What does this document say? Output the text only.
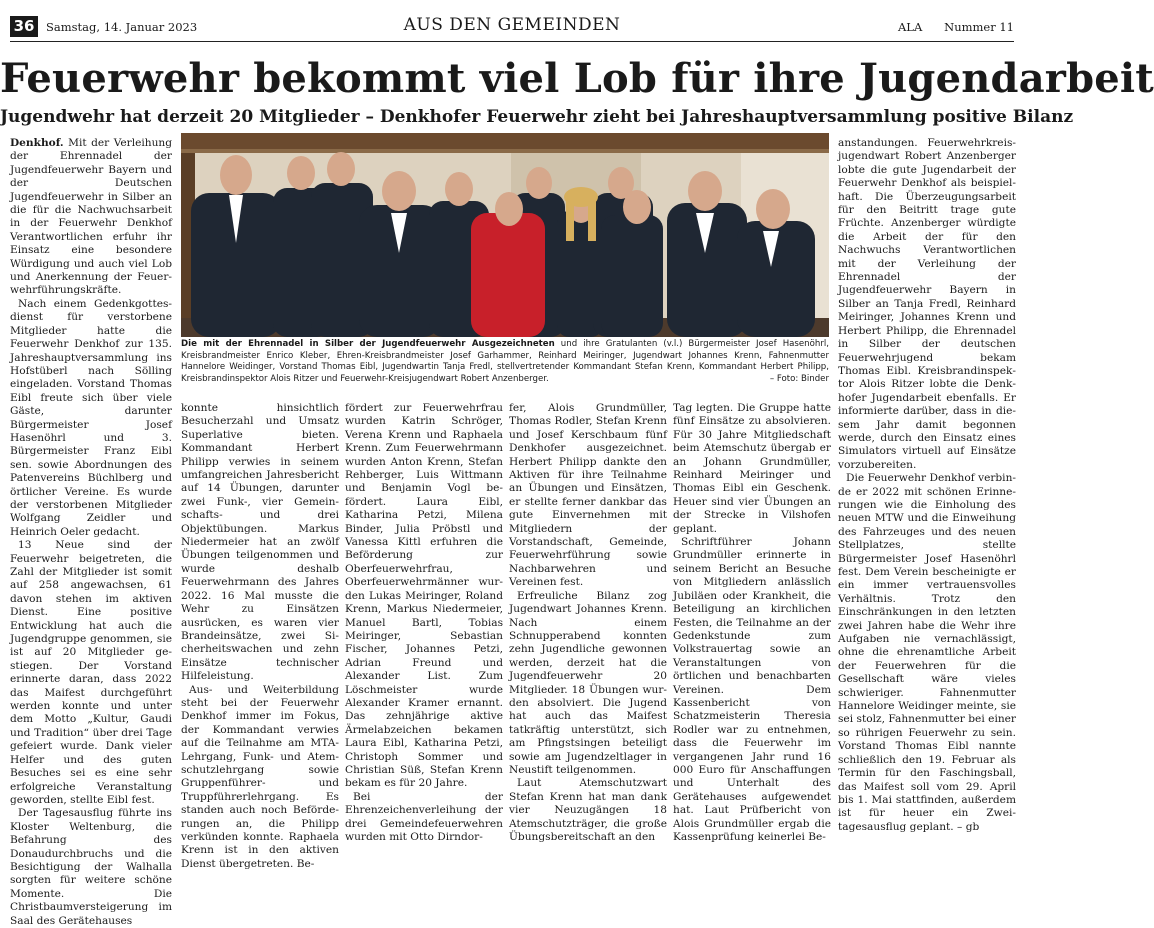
36	Samstag, 14. Januar 2023	AUS DEN GEMEINDEN	ALA Nummer 11
Feuerwehr bekommt viel Lob für ihre Jugendarbeit
Jugendwehr hat derzeit 20 Mitglieder – Denkhofer Feuerwehr zieht bei Jahreshauptversammlung positive Bilanz

Denkhof. Mit der Verleihung der Ehrennadel der Jugendfeuerwehr Bayern und der Deutschen Jugendfeuerwehr in Silber an die für die Nachwuchsarbeit in der Feuerwehr Denkhof Verantwortlichen erfuhr ihr Einsatz eine besondere Würdigung und auch viel Lob und Anerkennung der Feuerwehrführungskräfte.

Nach einem Gedenkgottesdienst für verstorbene Mitglieder hatte die Feuerwehr Denkhof zur 135. Jahreshauptversammlung ins Hofstüberl nach Sölling eingeladen. Vorstand Thomas Eibl freute sich über viele Gäste, darunter Bürgermeister Josef Hasenöhrl und 3. Bürgermeister Franz Eibl sen. sowie Abordnungen des Patenvereins Büchlberg und örtlicher Vereine. Es wurde der verstorbenen Mitglieder Wolfgang Zeidler und Heinrich Oeler gedacht.

13 Neue sind der Feuerwehr beigetreten, die Zahl der Mitglieder ist somit auf 258 angewachsen, 61 davon stehen im aktiven Dienst. Eine positive Entwicklung hat auch die Jugendgruppe genommen, sie ist auf 20 Mitglieder gestiegen. Der Vorstand erinnerte daran, dass 2022 das Maifest durchgeführt werden konnte und unter dem Motto „Kultur, Gaudi und Tradition“ über drei Tage gefeiert wurde. Dank vieler Helfer und des guten Besuches sei es eine sehr erfolgreiche Veranstaltung geworden, stellte Eibl fest.

Der Tagesausflug führte ins Kloster Weltenburg, die Befahrung des Donaudurchbruchs und die Besichtigung der Walhalla sorgten für weitere schöne Momente. Die Christbaumversteigerung im Saal des Gerätehauses

Die mit der Ehrennadel in Silber der Jugendfeuerwehr Ausgezeichneten und ihre Gratulanten (v.l.) Bürgermeister Josef Hasenöhrl, Kreisbrandmeister Enrico Kleber, Ehren-Kreisbrandmeister Josef Garhammer, Reinhard Meiringer, Jugendwart Johannes Krenn, Fahnenmutter Hannelore Weidinger, Vorstand Thomas Eibl, Jugendwartin Tanja Fredl, stellvertretender Kommandant Stefan Krenn, Kommandant Herbert Philipp, Kreisbrandinspektor Alois Ritzer und Feuerwehr-Kreisjugendwart Robert Anzenberger.	– Foto: Binder

konnte hinsichtlich Besucherzahl und Umsatz Superlative bieten. Kommandant Herbert Philipp verwies in seinem umfangreichen Jahresbericht auf 14 Übungen, darunter zwei Funk-, vier Gemeinschafts- und drei Objektübungen. Markus Niedermeier hat an zwölf Übungen teilgenommen und wurde deshalb Feuerwehrmann des Jahres 2022. 16 Mal musste die Wehr zu Einsätzen ausrücken, es waren vier Brandeinsätze, zwei Sicherheitswachen und zehn Einsätze technischer Hilfeleistung.

Aus- und Weiterbildung steht bei der Feuerwehr Denkhof immer im Fokus, der Kommandant verwies auf die Teilnahme am MTA-Lehrgang, Funk- und Atemschutzlehrgang sowie Gruppenführer- und Truppführerlehrgang. Es standen auch noch Beförderungen an, die Philipp verkünden konnte. Raphaela Krenn ist in den aktiven Dienst übergetreten. Be-

fördert zur Feuerwehrfrau wurden Katrin Schröger, Verena Krenn und Raphaela Krenn. Zum Feuerwehrmann wurden Anton Krenn, Stefan Rehberger, Luis Wittmann und Benjamin Vogl befördert. Laura Eibl, Katharina Petzi, Milena Binder, Julia Pröbstl und Vanessa Kittl erfuhren die Beförderung zur Oberfeuerwehrfrau, Oberfeuerwehrmänner wurden Lukas Meiringer, Roland Krenn, Markus Niedermeier, Manuel Bartl, Tobias Meiringer, Sebastian Fischer, Johannes Petzi, Adrian Freund und Alexander List. Zum Löschmeister wurde Alexander Kramer ernannt. Das zehnjährige aktive Ärmelabzeichen bekamen Laura Eibl, Katharina Petzi, Christoph Sommer und Christian Süß, Stefan Krenn bekam es für 20 Jahre.

Bei der Ehrenzeichenverleihung der drei Gemeindefeuerwehren wurden mit Otto Dirndor-

fer, Alois Grundmüller, Thomas Rodler, Stefan Krenn und Josef Kerschbaum fünf Denkhofer ausgezeichnet. Herbert Philipp dankte den Aktiven für ihre Teilnahme an Übungen und Einsätzen, er stellte ferner dankbar das gute Einvernehmen mit Mitgliedern der Vorstandschaft, Gemeinde, Feuerwehrführung sowie Nachbarwehren und Vereinen fest.

Erfreuliche Bilanz zog Jugendwart Johannes Krenn. Nach einem Schnupperabend konnten zehn Jugendliche gewonnen werden, derzeit hat die Jugendfeuerwehr 20 Mitglieder. 18 Übungen wurden absolviert. Die Jugend hat auch das Maifest tatkräftig unterstützt, sich am Pfingstsingen beteiligt sowie am Jugendzeltlager in Neustift teilgenommen.

Laut Atemschutzwart Stefan Krenn hat man dank vier Neuzugängen 18 Atemschutzträger, die große Übungsbereitschaft an den

Tag legten. Die Gruppe hatte fünf Einsätze zu absolvieren. Für 30 Jahre Mitgliedschaft beim Atemschutz übergab er an Johann Grundmüller, Reinhard Meiringer und Thomas Eibl ein Geschenk. Heuer sind vier Übungen an der Strecke in Vilshofen geplant.

Schriftführer Johann Grundmüller erinnerte in seinem Bericht an Besuche von Mitgliedern anlässlich Jubiläen oder Krankheit, die Beteiligung an kirchlichen Festen, die Teilnahme an der Gedenkstunde zum Volkstrauertag sowie an Veranstaltungen von örtlichen und benachbarten Vereinen. Dem Kassenbericht von Schatzmeisterin Theresia Rodler war zu entnehmen, dass die Feuerwehr im vergangenen Jahr rund 16 000 Euro für Anschaffungen und Unterhalt des Gerätehauses aufgewendet hat. Laut Prüfbericht von Alois Grundmüller ergab die Kassenprüfung keinerlei Be-

anstandungen. Feuerwehrkreisjugendwart Robert Anzenberger lobte die gute Jugendarbeit der Feuerwehr Denkhof als beispielhaft. Die Überzeugungsarbeit für den Beitritt trage gute Früchte. Anzenberger würdigte die Arbeit der für den Nachwuchs Verantwortlichen mit der Verleihung der Ehrennadel der Jugendfeuerwehr Bayern in Silber an Tanja Fredl, Reinhard Meiringer, Johannes Krenn und Herbert Philipp, die Ehrennadel in Silber der deutschen Feuerwehrjugend bekam Thomas Eibl. Kreisbrandinspektor Alois Ritzer lobte die Denkhofer Jugendarbeit ebenfalls. Er informierte darüber, dass in diesem Jahr damit begonnen werde, durch den Einsatz eines Simulators virtuell auf Einsätze vorzubereiten.

Die Feuerwehr Denkhof verbinde er 2022 mit schönen Erinnerungen wie die Einholung des neuen MTW und die Einweihung des Fahrzeuges und des neuen Stellplatzes, stellte Bürgermeister Josef Hasenöhrl fest. Dem Verein bescheinigte er ein immer vertrauensvolles Verhältnis. Trotz den Einschränkungen in den letzten zwei Jahren habe die Wehr ihre Aufgaben nie vernachlässigt, ohne die ehrenamtliche Arbeit der Feuerwehren für die Gesellschaft wäre vieles schwieriger. Fahnenmutter Hannelore Weidinger meinte, sie sei stolz, Fahnenmutter bei einer so rührigen Feuerwehr zu sein. Vorstand Thomas Eibl nannte schließlich den 19. Februar als Termin für den Faschingsball, das Maifest soll vom 29. April bis 1. Mai stattfinden, außerdem ist für heuer ein Zweitagesausflug geplant. – gb
